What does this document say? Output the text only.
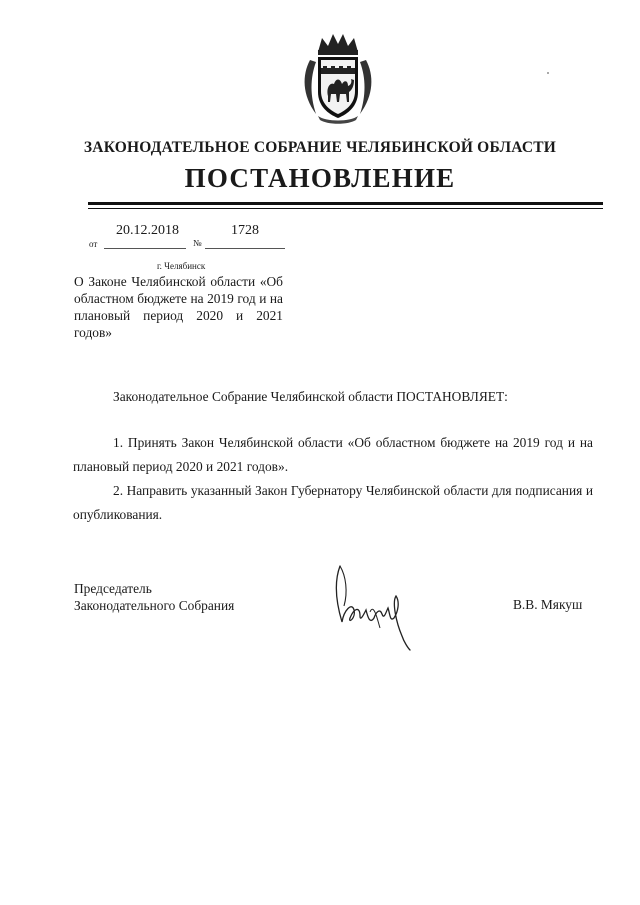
ЗАКОНОДАТЕЛЬНОЕ СОБРАНИЕ ЧЕЛЯБИНСКОЙ ОБЛАСТИ
ПОСТАНОВЛЕНИЕ
20.12.2018	1728
от	№
г. Челябинск
О Законе Челябинской области «Об областном бюджете на 2019 год и на плановый период 2020 и 2021 годов»
Законодательное Собрание Челябинской области ПОСТАНОВЛЯЕТ:
1. Принять Закон Челябинской области «Об областном бюджете на 2019 год и на плановый период 2020 и 2021 годов».
2. Направить указанный Закон Губернатору Челябинской области для подписания и опубликования.
Председатель
Законодательного Собрания	В.В. Мякуш
